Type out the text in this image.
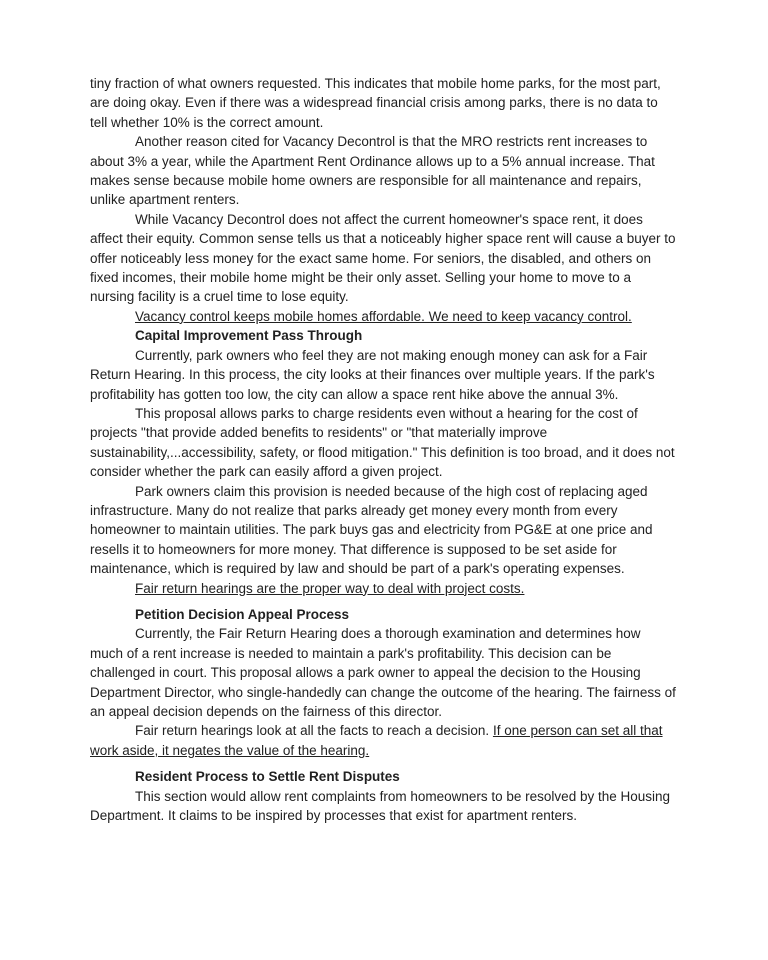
tiny fraction of what owners requested. This indicates that mobile home parks, for the most part, are doing okay. Even if there was a widespread financial crisis among parks, there is no data to tell whether 10% is the correct amount.

Another reason cited for Vacancy Decontrol is that the MRO restricts rent increases to about 3% a year, while the Apartment Rent Ordinance allows up to a 5% annual increase. That makes sense because mobile home owners are responsible for all maintenance and repairs, unlike apartment renters.

While Vacancy Decontrol does not affect the current homeowner's space rent, it does affect their equity. Common sense tells us that a noticeably higher space rent will cause a buyer to offer noticeably less money for the exact same home. For seniors, the disabled, and others on fixed incomes, their mobile home might be their only asset. Selling your home to move to a nursing facility is a cruel time to lose equity.

Vacancy control keeps mobile homes affordable. We need to keep vacancy control.

Capital Improvement Pass Through

Currently, park owners who feel they are not making enough money can ask for a Fair Return Hearing. In this process, the city looks at their finances over multiple years. If the park's profitability has gotten too low, the city can allow a space rent hike above the annual 3%.

This proposal allows parks to charge residents even without a hearing for the cost of projects "that provide added benefits to residents" or "that materially improve sustainability,...accessibility, safety, or flood mitigation." This definition is too broad, and it does not consider whether the park can easily afford a given project.

Park owners claim this provision is needed because of the high cost of replacing aged infrastructure. Many do not realize that parks already get money every month from every homeowner to maintain utilities. The park buys gas and electricity from PG&E at one price and resells it to homeowners for more money. That difference is supposed to be set aside for maintenance, which is required by law and should be part of a park's operating expenses.

Fair return hearings are the proper way to deal with project costs.

Petition Decision Appeal Process

Currently, the Fair Return Hearing does a thorough examination and determines how much of a rent increase is needed to maintain a park's profitability. This decision can be challenged in court. This proposal allows a park owner to appeal the decision to the Housing Department Director, who single-handedly can change the outcome of the hearing. The fairness of an appeal decision depends on the fairness of this director.

Fair return hearings look at all the facts to reach a decision. If one person can set all that work aside, it negates the value of the hearing.

Resident Process to Settle Rent Disputes

This section would allow rent complaints from homeowners to be resolved by the Housing Department. It claims to be inspired by processes that exist for apartment renters.
